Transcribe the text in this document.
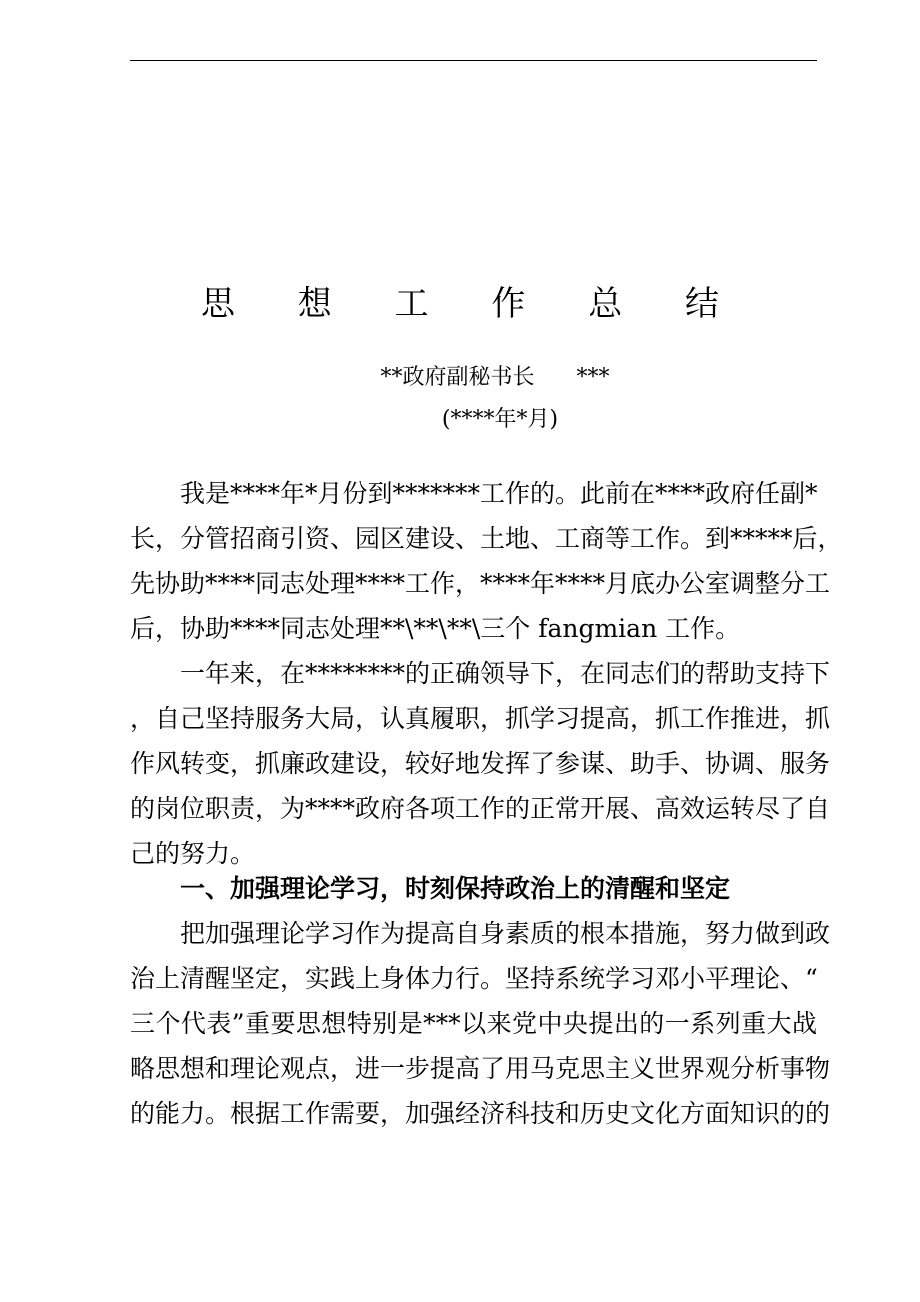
思 想 工 作 总 结
**政府副秘书长      ***
(****年*月)
　　我是****年*月份到*******工作的。此前在****政府任副*
长，分管招商引资、园区建设、土地、工商等工作。到*****后，
先协助****同志处理****工作，****年****月底办公室调整分工
后，协助****同志处理**\**\**\三个 fangmian 工作。
　　一年来，在********的正确领导下，在同志们的帮助支持下
，自己坚持服务大局，认真履职，抓学习提高，抓工作推进，抓
作风转变，抓廉政建设，较好地发挥了参谋、助手、协调、服务
的岗位职责，为****政府各项工作的正常开展、高效运转尽了自
己的努力。
　　一、加强理论学习，时刻保持政治上的清醒和坚定
　　把加强理论学习作为提高自身素质的根本措施，努力做到政
治上清醒坚定，实践上身体力行。坚持系统学习邓小平理论、“
三个代表”重要思想特别是***以来党中央提出的一系列重大战
略思想和理论观点，进一步提高了用马克思主义世界观分析事物
的能力。根据工作需要，加强经济科技和历史文化方面知识的的
